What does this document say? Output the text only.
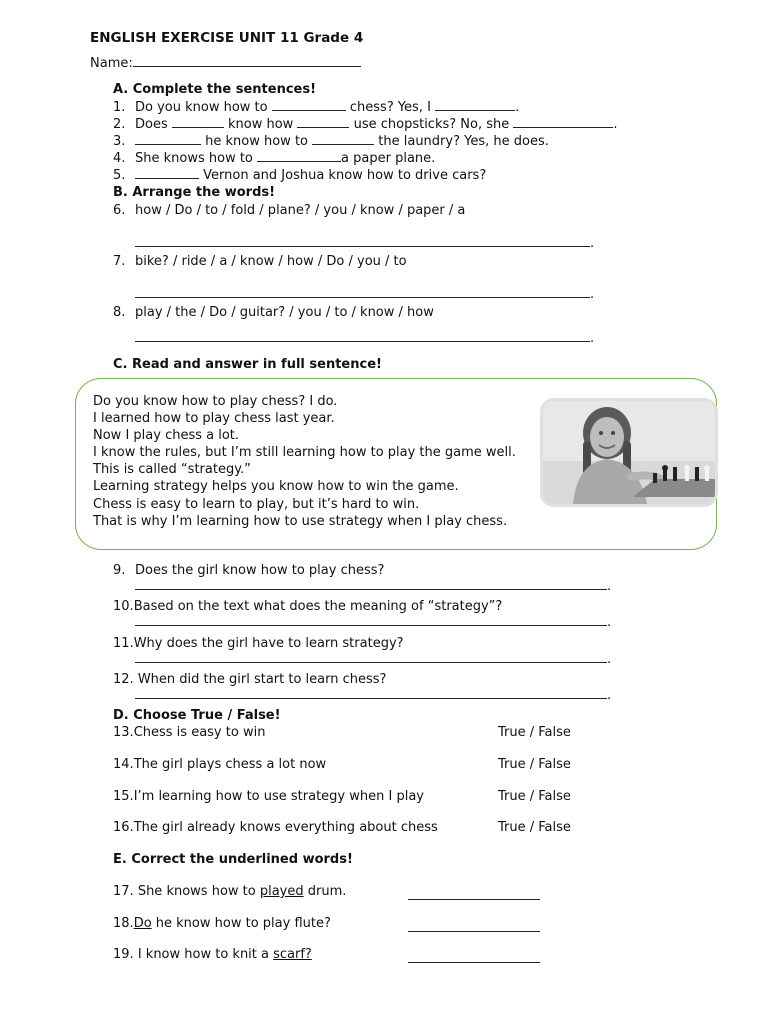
ENGLISH EXERCISE UNIT 11 Grade 4
Name:
A. Complete the sentences!
1. Do you know how to	chess? Yes, I	.
2. Does	know how	use chopsticks? No, she	.
3.	he know how to	the laundry? Yes, he does.
4. She knows how to	a paper plane.
5.	Vernon and Joshua know how to drive cars?
B. Arrange the words!
6. how / Do / to / fold / plane? / you / know / paper / a
.
7. bike? / ride / a / know / how / Do / you / to
.
8. play / the / Do / guitar? / you / to / know / how
.
C. Read and answer in full sentence!
Do you know how to play chess? I do.
I learned how to play chess last year.
Now I play chess a lot.
I know the rules, but I’m still learning how to play the game well.
This is called “strategy.”
Learning strategy helps you know how to win the game.
Chess is easy to learn to play, but it’s hard to win.
That is why I’m learning how to use strategy when I play chess.
9. Does the girl know how to play chess?
.
10.Based on the text what does the meaning of “strategy”?
.
11.Why does the girl have to learn strategy?
.
12. When did the girl start to learn chess?
.
D. Choose True / False!
13.Chess is easy to win	True / False
14.The girl plays chess a lot now	True / False
15.I’m learning how to use strategy when I play	True / False
16.The girl already knows everything about chess	True / False
E. Correct the underlined words!
17. She knows how to played drum.

18.Do he know how to play flute?

19. I know how to knit a scarf?
